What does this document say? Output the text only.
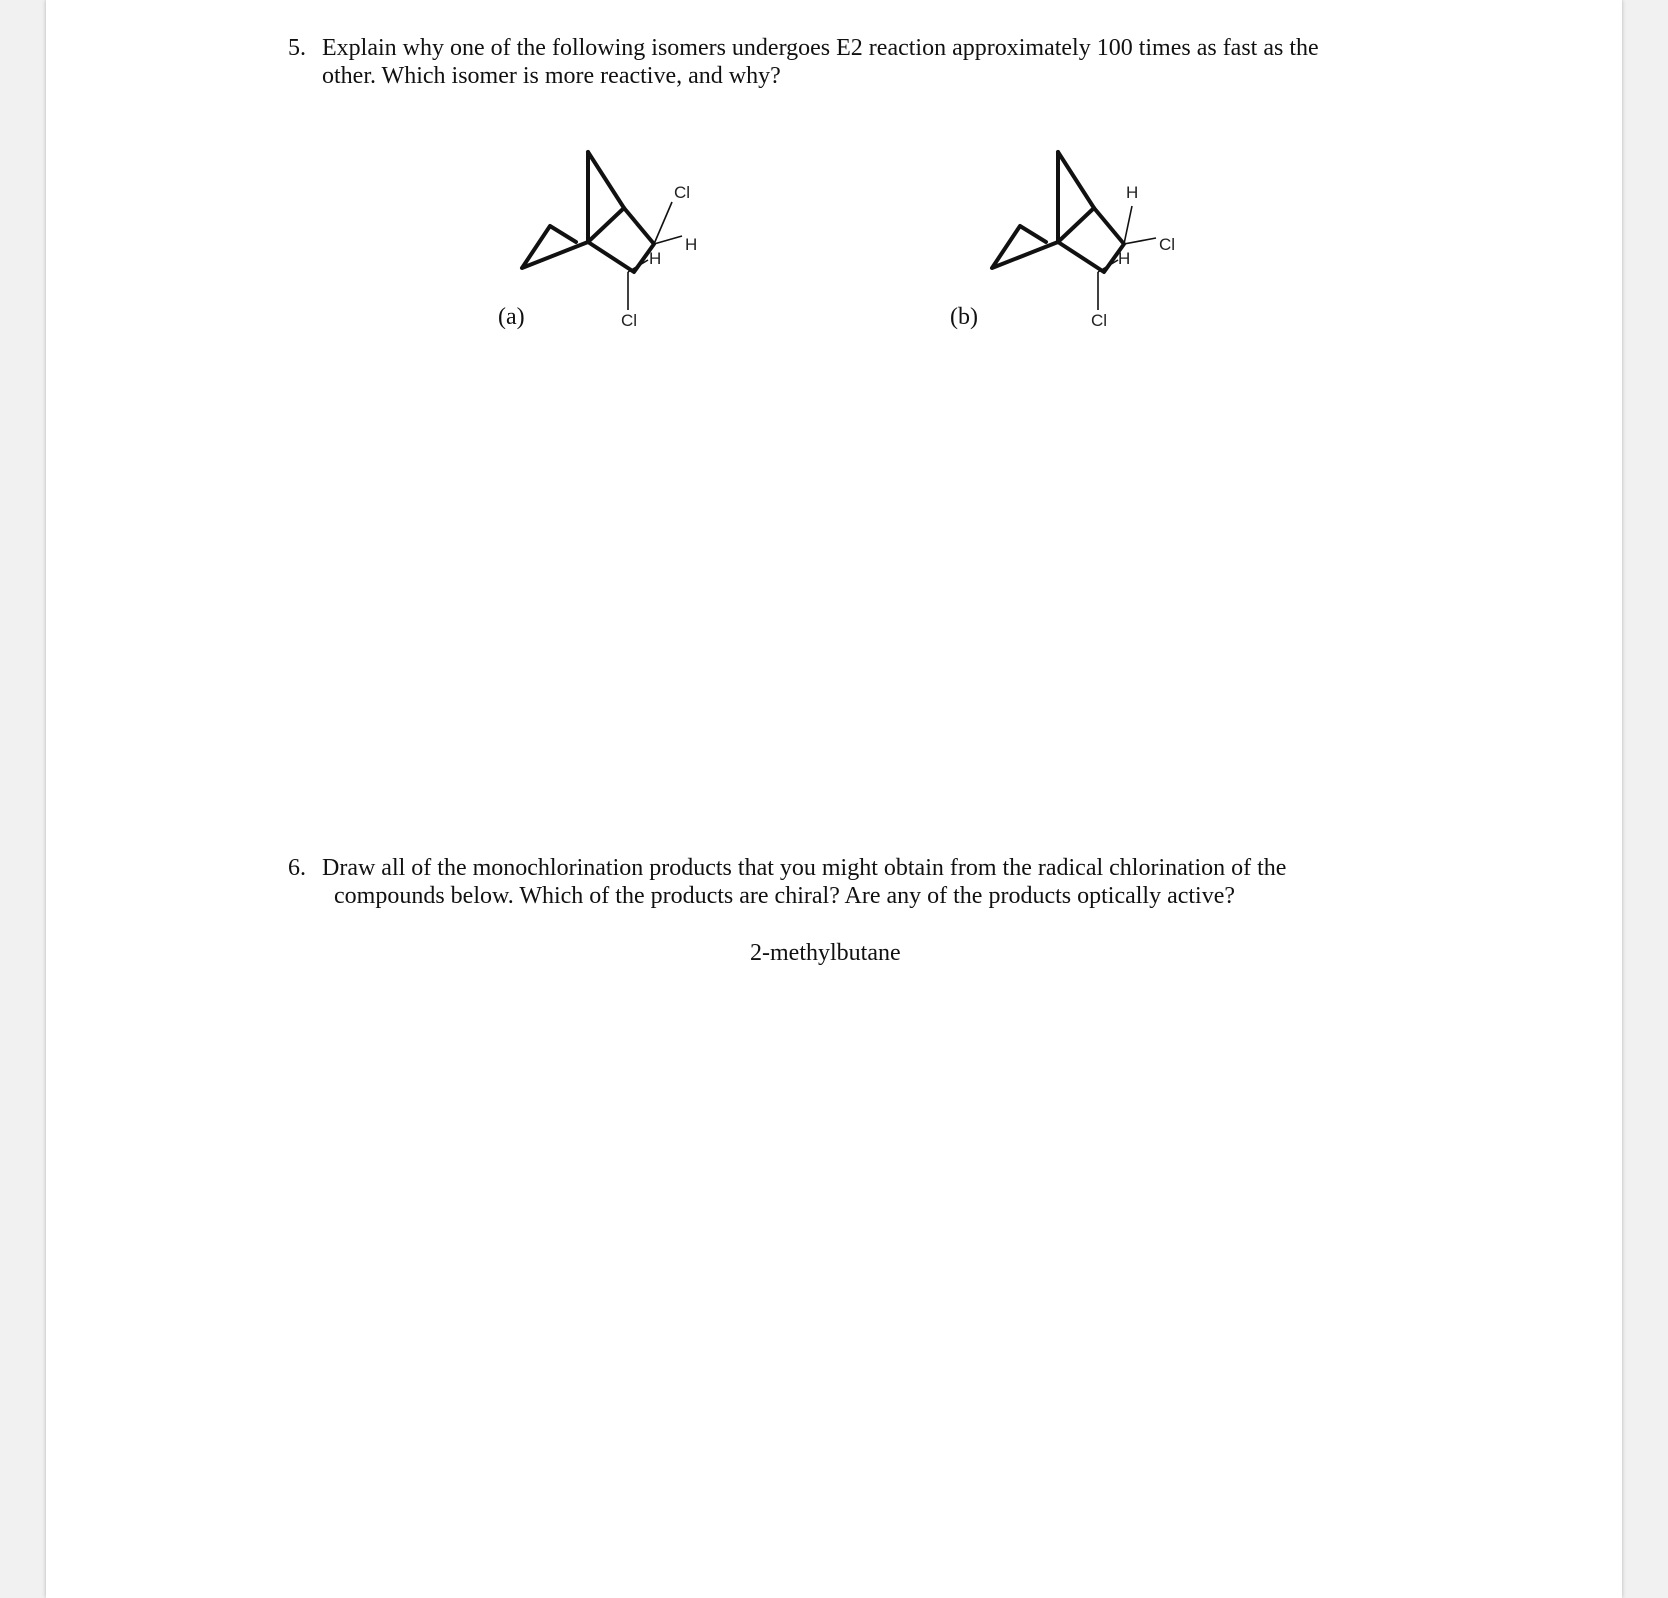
5. Explain why one of the following isomers undergoes E2 reaction approximately 100 times as fast as the
other. Which isomer is more reactive, and why?
(a)
Cl
H
H
Cl	(b)
H
Cl
H
Cl
6. Draw all of the monochlorination products that you might obtain from the radical chlorination of the
compounds below. Which of the products are chiral? Are any of the products optically active?
2-methylbutane
